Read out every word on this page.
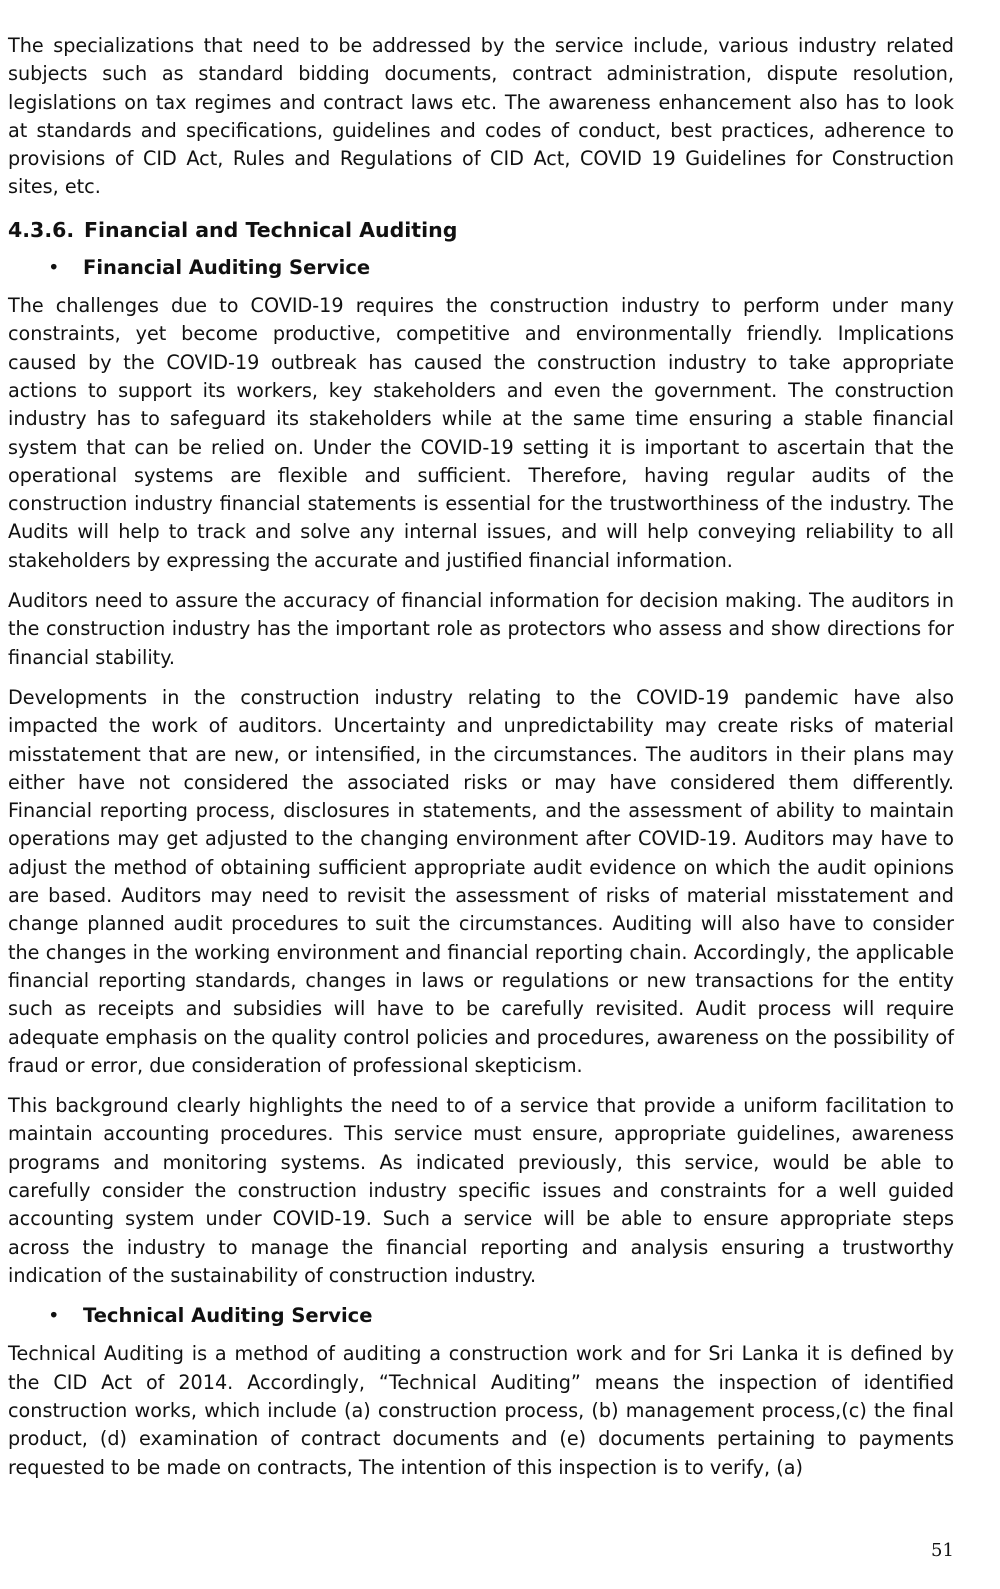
The specializations that need to be addressed by the service include, various industry related subjects such as standard bidding documents, contract administration, dispute resolution, legislations on tax regimes and contract laws etc. The awareness enhancement also has to look at standards and specifications, guidelines and codes of conduct, best practices, adherence to provisions of CID Act, Rules and Regulations of CID Act, COVID 19 Guidelines for Construction sites, etc.

4.3.6. Financial and Technical Auditing
•	Financial Auditing Service

The challenges due to COVID-19 requires the construction industry to perform under many constraints, yet become productive, competitive and environmentally friendly. Implications caused by the COVID-19 outbreak has caused the construction industry to take appropriate actions to support its workers, key stakeholders and even the government. The construction industry has to safeguard its stakeholders while at the same time ensuring a stable financial system that can be relied on. Under the COVID-19 setting it is important to ascertain that the operational systems are flexible and sufficient. Therefore, having regular audits of the construction industry financial statements is essential for the trustworthiness of the industry. The Audits will help to track and solve any internal issues, and will help conveying reliability to all stakeholders by expressing the accurate and justified financial information.

Auditors need to assure the accuracy of financial information for decision making. The auditors in the construction industry has the important role as protectors who assess and show directions for financial stability.

Developments in the construction industry relating to the COVID-19 pandemic have also impacted the work of auditors. Uncertainty and unpredictability may create risks of material misstatement that are new, or intensified, in the circumstances. The auditors in their plans may either have not considered the associated risks or may have considered them differently. Financial reporting process, disclosures in statements, and the assessment of ability to maintain operations may get adjusted to the changing environment after COVID-19. Auditors may have to adjust the method of obtaining sufficient appropriate audit evidence on which the audit opinions are based. Auditors may need to revisit the assessment of risks of material misstatement and change planned audit procedures to suit the circumstances. Auditing will also have to consider the changes in the working environment and financial reporting chain. Accordingly, the applicable financial reporting standards, changes in laws or regulations or new transactions for the entity such as receipts and subsidies will have to be carefully revisited. Audit process will require adequate emphasis on the quality control policies and procedures, awareness on the possibility of fraud or error, due consideration of professional skepticism.

This background clearly highlights the need to of a service that provide a uniform facilitation to maintain accounting procedures. This service must ensure, appropriate guidelines, awareness programs and monitoring systems. As indicated previously, this service, would be able to carefully consider the construction industry specific issues and constraints for a well guided accounting system under COVID-19. Such a service will be able to ensure appropriate steps across the industry to manage the financial reporting and analysis ensuring a trustworthy indication of the sustainability of construction industry.

•	Technical Auditing Service

Technical Auditing is a method of auditing a construction work and for Sri Lanka it is defined by the CID Act of 2014. Accordingly, “Technical Auditing” means the inspection of identified construction works, which include (a) construction process, (b) management process,(c) the final product, (d) examination of contract documents and (e) documents pertaining to payments requested to be made on contracts, The intention of this inspection is to verify, (a)

51
